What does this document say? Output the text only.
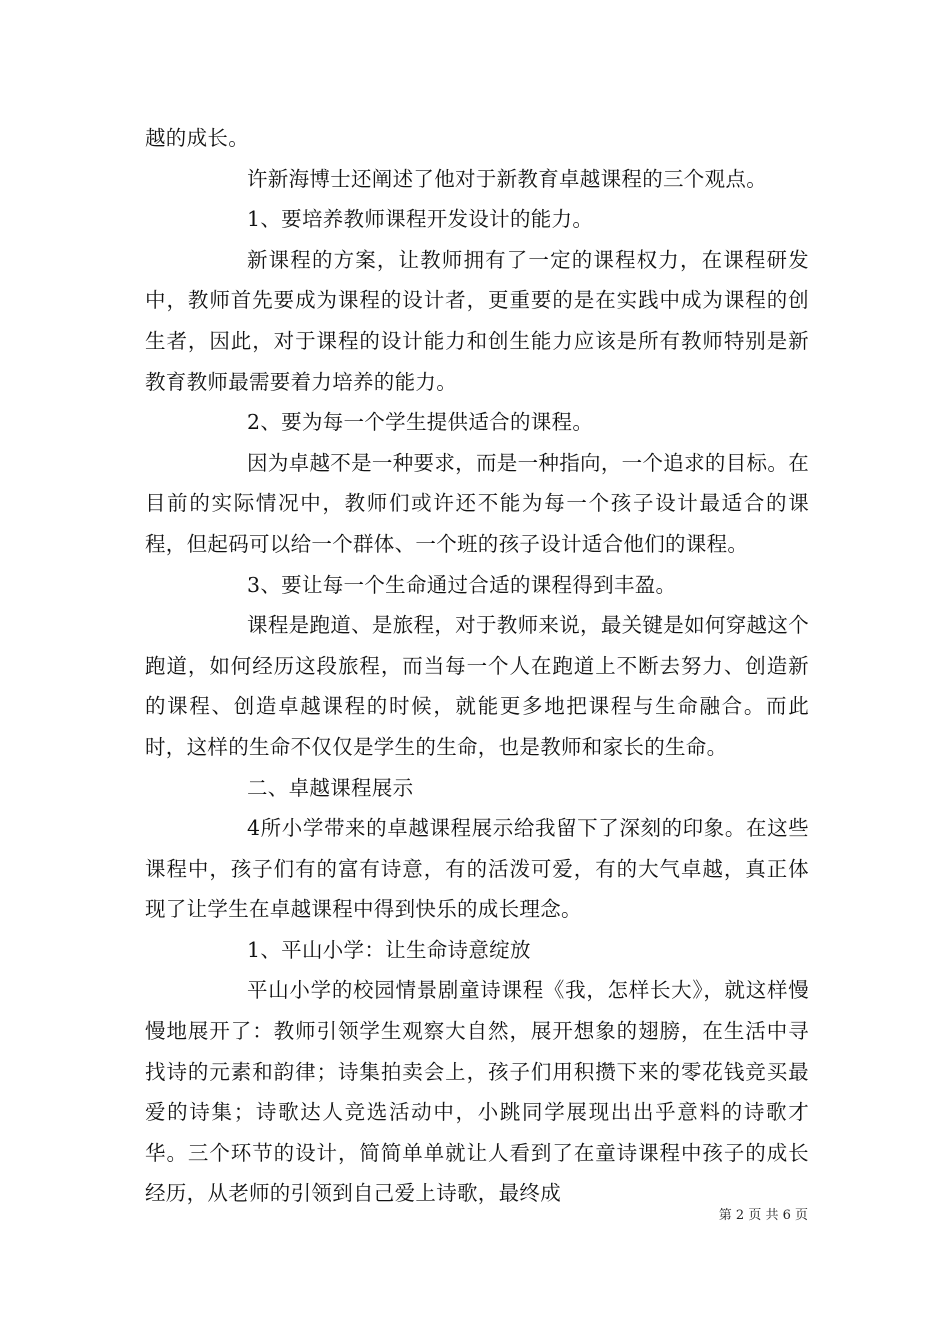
越的成长。

许新海博士还阐述了他对于新教育卓越课程的三个观点。

1、要培养教师课程开发设计的能力。

新课程的方案，让教师拥有了一定的课程权力，在课程研发中，教师首先要成为课程的设计者，更重要的是在实践中成为课程的创生者，因此，对于课程的设计能力和创生能力应该是所有教师特别是新教育教师最需要着力培养的能力。

2、要为每一个学生提供适合的课程。

因为卓越不是一种要求，而是一种指向，一个追求的目标。在目前的实际情况中，教师们或许还不能为每一个孩子设计最适合的课程，但起码可以给一个群体、一个班的孩子设计适合他们的课程。

3、要让每一个生命通过合适的课程得到丰盈。

课程是跑道、是旅程，对于教师来说，最关键是如何穿越这个跑道，如何经历这段旅程，而当每一个人在跑道上不断去努力、创造新的课程、创造卓越课程的时候，就能更多地把课程与生命融合。而此时，这样的生命不仅仅是学生的生命，也是教师和家长的生命。

二、卓越课程展示

4所小学带来的卓越课程展示给我留下了深刻的印象。在这些课程中，孩子们有的富有诗意，有的活泼可爱，有的大气卓越，真正体现了让学生在卓越课程中得到快乐的成长理念。

1、平山小学：让生命诗意绽放

平山小学的校园情景剧童诗课程《我，怎样长大》，就这样慢慢地展开了：教师引领学生观察大自然，展开想象的翅膀，在生活中寻找诗的元素和韵律；诗集拍卖会上，孩子们用积攒下来的零花钱竞买最爱的诗集；诗歌达人竞选活动中，小跳同学展现出出乎意料的诗歌才华。三个环节的设计，简简单单就让人看到了在童诗课程中孩子的成长经历，从老师的引领到自己爱上诗歌，最终成

第 2 页 共 6 页
